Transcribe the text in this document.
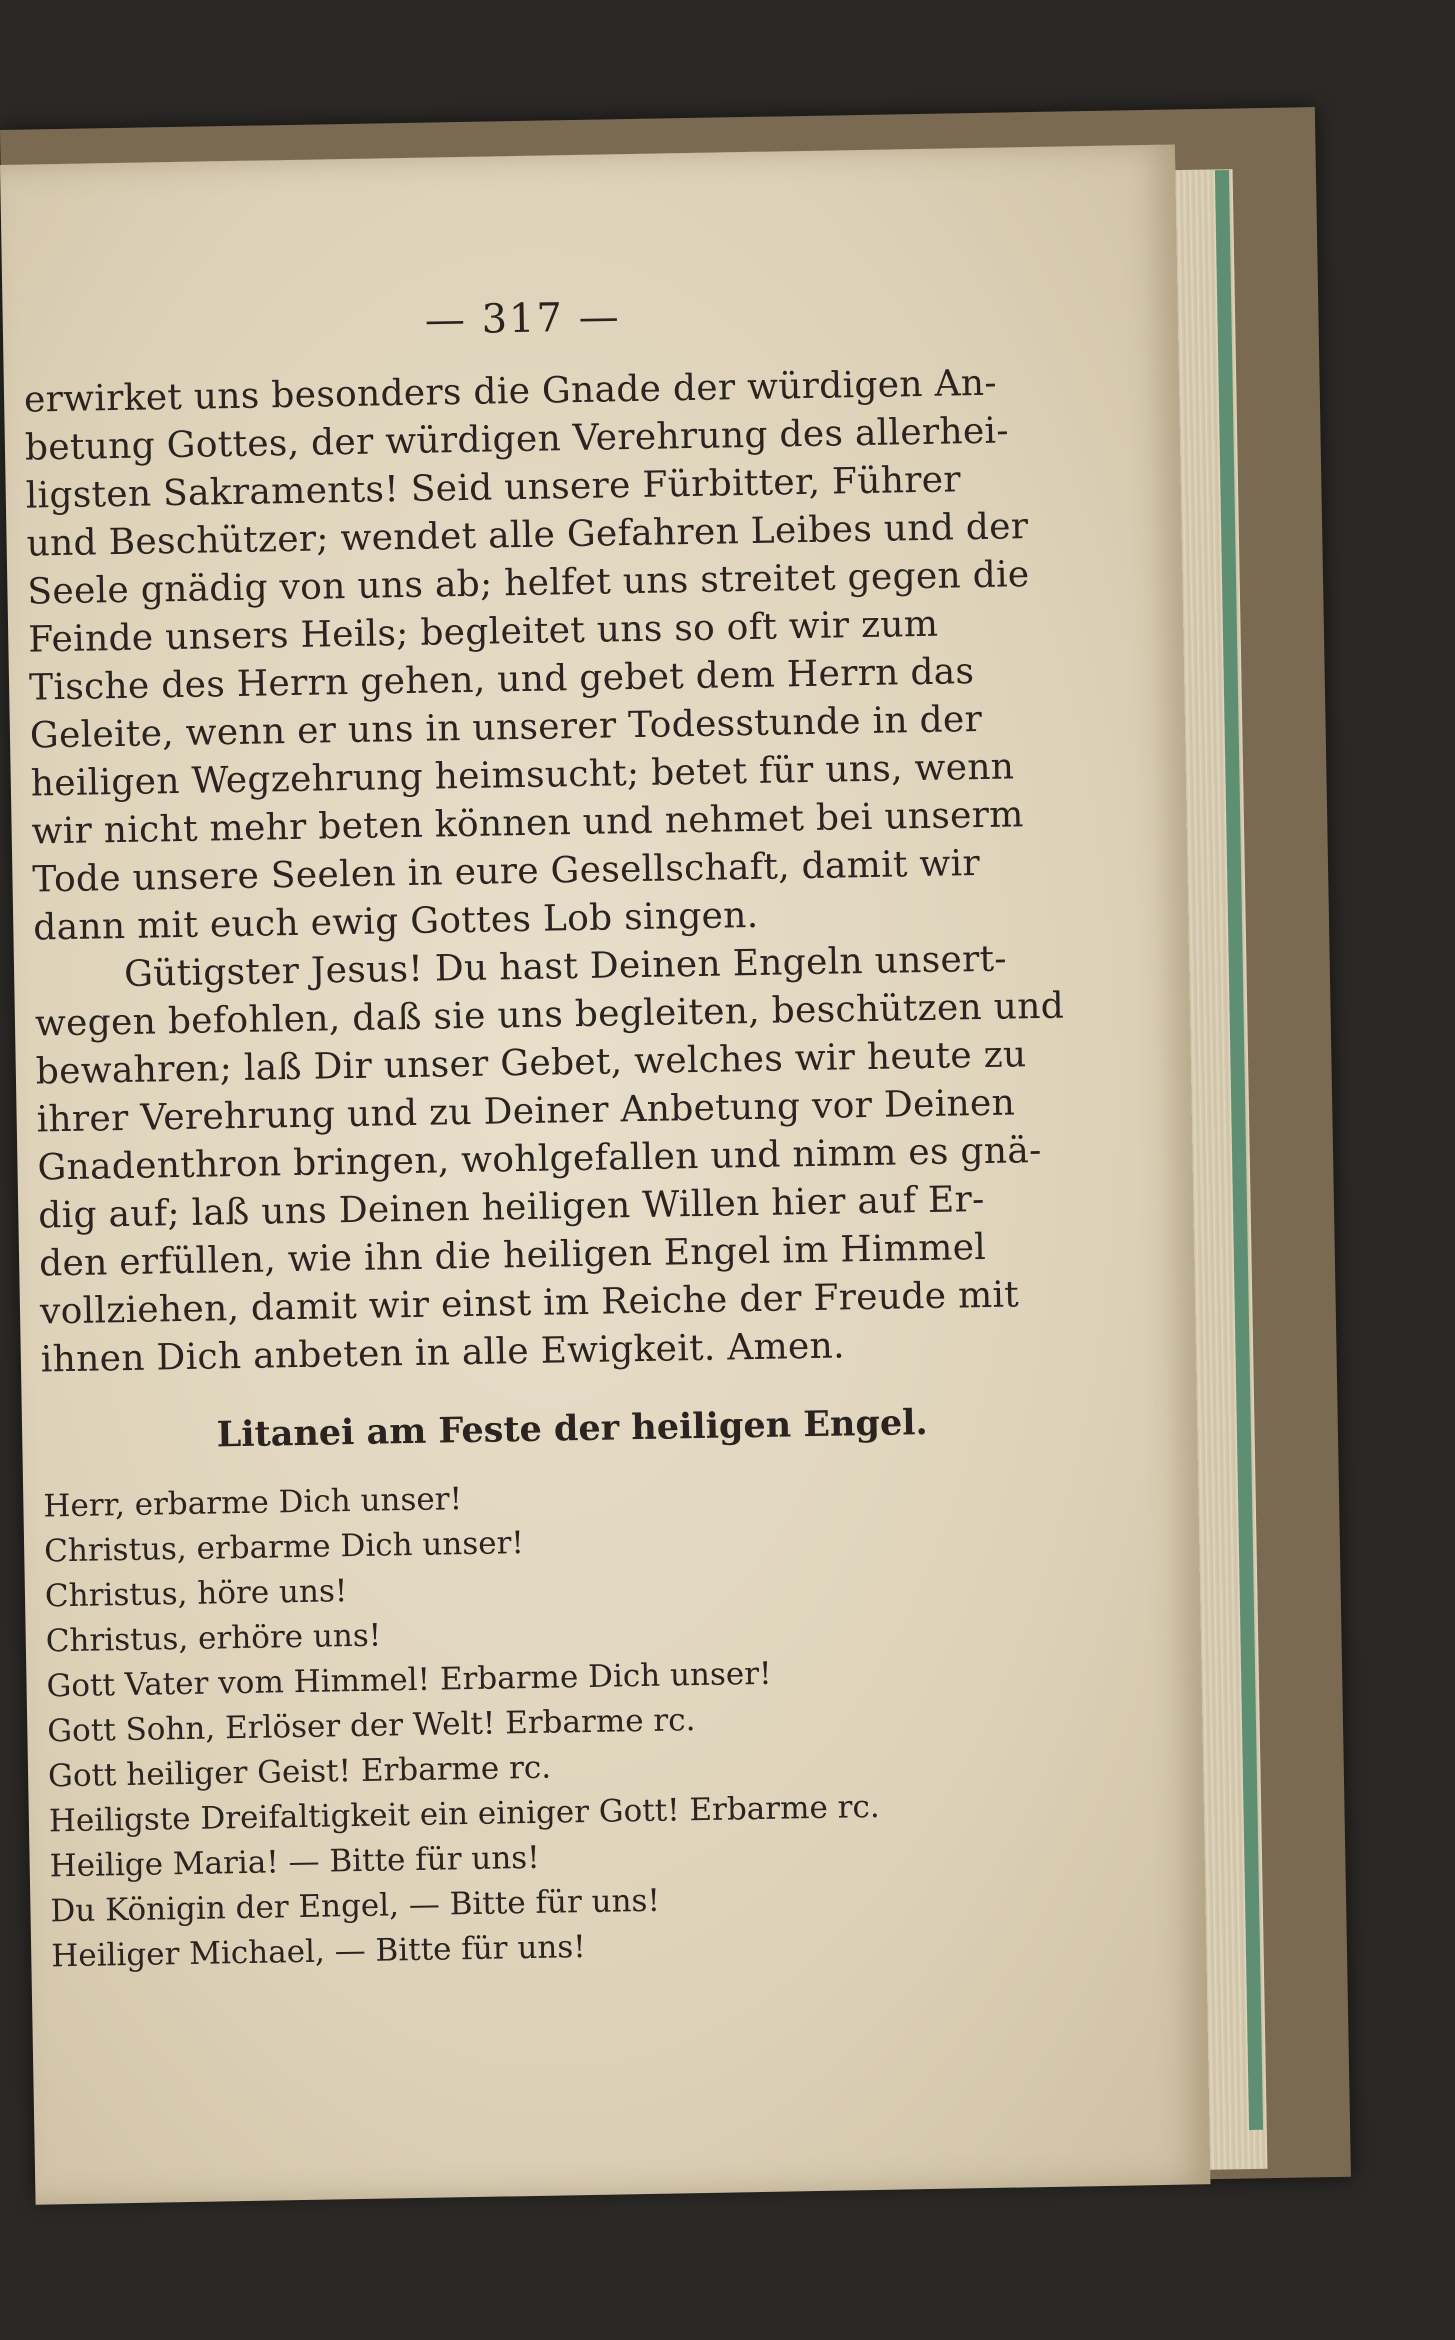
— 317 —
erwirket uns besonders die Gnade der würdigen An-
betung Gottes, der würdigen Verehrung des allerhei-
ligsten Sakraments! Seid unsere Fürbitter, Führer
und Beschützer; wendet alle Gefahren Leibes und der
Seele gnädig von uns ab; helfet uns streitet gegen die
Feinde unsers Heils; begleitet uns so oft wir zum
Tische des Herrn gehen, und gebet dem Herrn das
Geleite, wenn er uns in unserer Todesstunde in der
heiligen Wegzehrung heimsucht; betet für uns, wenn
wir nicht mehr beten können und nehmet bei unserm
Tode unsere Seelen in eure Gesellschaft, damit wir
dann mit euch ewig Gottes Lob singen.
Gütigster Jesus! Du hast Deinen Engeln unsert-
wegen befohlen, daß sie uns begleiten, beschützen und
bewahren; laß Dir unser Gebet, welches wir heute zu
ihrer Verehrung und zu Deiner Anbetung vor Deinen
Gnadenthron bringen, wohlgefallen und nimm es gnä-
dig auf; laß uns Deinen heiligen Willen hier auf Er-
den erfüllen, wie ihn die heiligen Engel im Himmel
vollziehen, damit wir einst im Reiche der Freude mit
ihnen Dich anbeten in alle Ewigkeit. Amen.
Litanei am Feste der heiligen Engel.
Herr, erbarme Dich unser!
Christus, erbarme Dich unser!
Christus, höre uns!
Christus, erhöre uns!
Gott Vater vom Himmel! Erbarme Dich unser!
Gott Sohn, Erlöser der Welt! Erbarme rc.
Gott heiliger Geist! Erbarme rc.
Heiligste Dreifaltigkeit ein einiger Gott! Erbarme rc.
Heilige Maria! — Bitte für uns!
Du Königin der Engel, — Bitte für uns!
Heiliger Michael, — Bitte für uns!
